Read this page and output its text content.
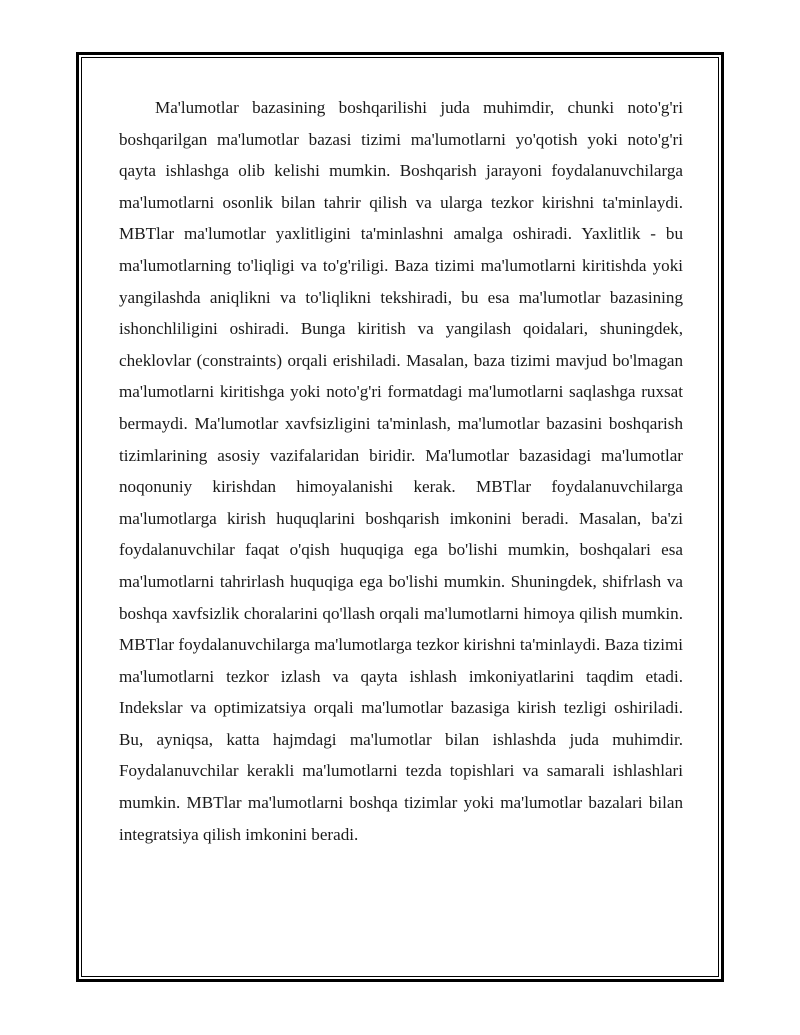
Ma'lumotlar bazasining boshqarilishi juda muhimdir, chunki noto'g'ri boshqarilgan ma'lumotlar bazasi tizimi ma'lumotlarni yo'qotish yoki noto'g'ri qayta ishlashga olib kelishi mumkin. Boshqarish jarayoni foydalanuvchilarga ma'lumotlarni osonlik bilan tahrir qilish va ularga tezkor kirishni ta'minlaydi. MBTlar ma'lumotlar yaxlitligini ta'minlashni amalga oshiradi. Yaxlitlik - bu ma'lumotlarning to'liqligi va to'g'riligi. Baza tizimi ma'lumotlarni kiritishda yoki yangilashda aniqlikni va to'liqlikni tekshiradi, bu esa ma'lumotlar bazasining ishonchliligini oshiradi. Bunga kiritish va yangilash qoidalari, shuningdek, cheklovlar (constraints) orqali erishiladi. Masalan, baza tizimi mavjud bo'lmagan ma'lumotlarni kiritishga yoki noto'g'ri formatdagi ma'lumotlarni saqlashga ruxsat bermaydi. Ma'lumotlar xavfsizligini ta'minlash, ma'lumotlar bazasini boshqarish tizimlarining asosiy vazifalaridan biridir. Ma'lumotlar bazasidagi ma'lumotlar noqonuniy kirishdan himoyalanishi kerak. MBTlar foydalanuvchilarga ma'lumotlarga kirish huquqlarini boshqarish imkonini beradi. Masalan, ba'zi foydalanuvchilar faqat o'qish huquqiga ega bo'lishi mumkin, boshqalari esa ma'lumotlarni tahrirlash huquqiga ega bo'lishi mumkin. Shuningdek, shifrlash va boshqa xavfsizlik choralarini qo'llash orqali ma'lumotlarni himoya qilish mumkin. MBTlar foydalanuvchilarga ma'lumotlarga tezkor kirishni ta'minlaydi. Baza tizimi ma'lumotlarni tezkor izlash va qayta ishlash imkoniyatlarini taqdim etadi. Indekslar va optimizatsiya orqali ma'lumotlar bazasiga kirish tezligi oshiriladi. Bu, ayniqsa, katta hajmdagi ma'lumotlar bilan ishlashda juda muhimdir. Foydalanuvchilar kerakli ma'lumotlarni tezda topishlari va samarali ishlashlari mumkin. MBTlar ma'lumotlarni boshqa tizimlar yoki ma'lumotlar bazalari bilan integratsiya qilish imkonini beradi.
